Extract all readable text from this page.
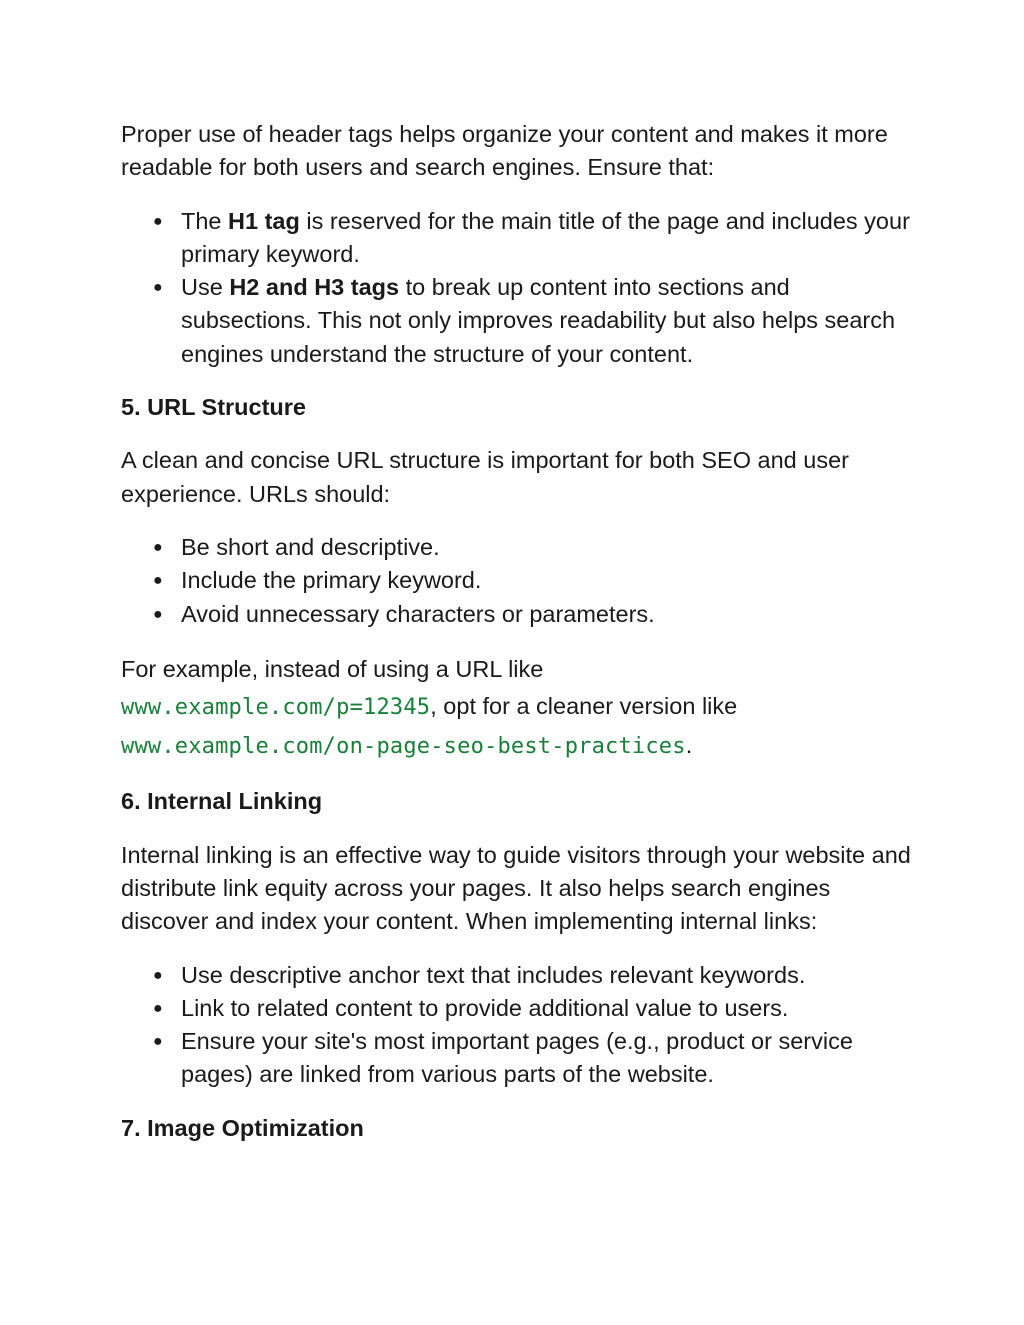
Proper use of header tags helps organize your content and makes it more readable for both users and search engines. Ensure that:

● The H1 tag is reserved for the main title of the page and includes your primary keyword.
● Use H2 and H3 tags to break up content into sections and subsections. This not only improves readability but also helps search engines understand the structure of your content.
5. URL Structure

A clean and concise URL structure is important for both SEO and user experience. URLs should:

● Be short and descriptive.
● Include the primary keyword.
● Avoid unnecessary characters or parameters.

For example, instead of using a URL like
www.example.com/p=12345, opt for a cleaner version like
www.example.com/on-page-seo-best-practices.

6. Internal Linking

Internal linking is an effective way to guide visitors through your website and distribute link equity across your pages. It also helps search engines discover and index your content. When implementing internal links:

● Use descriptive anchor text that includes relevant keywords.
● Link to related content to provide additional value to users.
● Ensure your site's most important pages (e.g., product or service pages) are linked from various parts of the website.
7. Image Optimization
